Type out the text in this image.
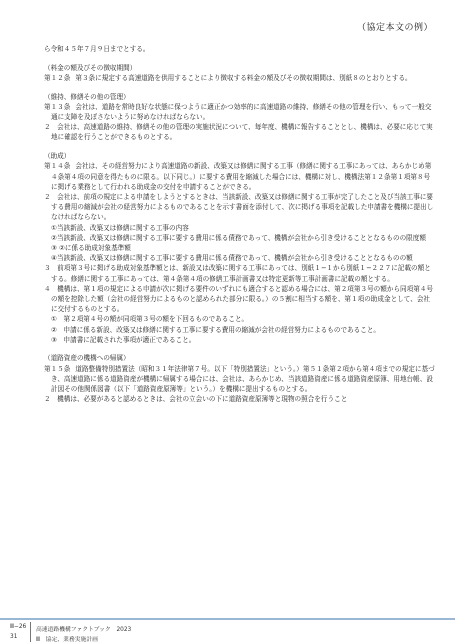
（協定本文の例）

ら令和４５年７月９日までとする。

（料金の額及びその徴収期間）

第１２条 第３条に規定する高速道路を供用することにより徴収する料金の額及びその徴収期間は、別紙８のとおりとする。

（維持、修繕その他の管理）

第１３条 会社は、道路を常時良好な状態に保つように適正かつ効率的に高速道路の維持、修繕その他の管理を行い、もって一般交通に支障を及ぼさないように努めなければならない。

２　会社は、高速道路の維持、修繕その他の管理の実施状況について、毎年度、機構に報告することとし、機構は、必要に応じて実地に確認を行うことができるものとする。

（助成）

第１４条 会社は、その経営努力により高速道路の新設、改築又は修繕に関する工事（修繕に関する工事にあっては、あらかじめ第４条第４項の同意を得たものに限る。以下同じ。）に要する費用を縮減した場合には、機構に対し、機構法第１２条第１項第８号に掲げる業務として行われる助成金の交付を申請することができる。

２　会社は、前項の規定による申請をしようとするときは、当該新設、改築又は修繕に関する工事が完了したこと及び当該工事に要する費用の縮減が会社の経営努力によるものであることを示す書面を添付して、次に掲げる事項を記載した申請書を機構に提出しなければならない。

①当該新設、改築又は修繕に関する工事の内容

②当該新設、改築又は修繕に関する工事に要する費用に係る債務であって、機構が会社から引き受けることとなるものの限度額

③ ②に係る助成対象基準額

④当該新設、改築又は修繕に関する工事に要する費用に係る債務であって、機構が会社から引き受けることとなるものの額

３　前項第３号に掲げる助成対象基準額とは、新設又は改築に関する工事にあっては、別紙１−１から別紙１−２２７に記載の額とする。修繕に関する工事にあっては、第４条第４項の修繕工事計画書又は特定更新等工事計画書に記載の額とする。

４　機構は、第１項の規定による申請が次に掲げる要件のいずれにも適合すると認める場合には、第２項第３号の額から同項第４号の額を控除した額（会社の経営努力によるものと認められた部分に限る。）の５割に相当する額を、第１項の助成金として、会社に交付するものとする。

①　第２項第４号の額が同項第３号の額を下回るものであること。

②　申請に係る新設、改築又は修繕に関する工事に要する費用の縮減が会社の経営努力によるものであること。

③　申請書に記載された事項が適正であること。

（道路資産の機構への帰属）

第１５条 道路整備特別措置法（昭和３１年法律第７号。以下「特別措置法」という。）第５１条第２項から第４項までの規定に基づき、高速道路に係る道路資産が機構に帰属する場合には、会社は、あらかじめ、当該道路資産に係る道路資産原簿、用地台帳、設計図その他関係図書（以下「道路資産原簿等」という。）を機構に提出するものとする。

２　機構は、必要があると認めるときは、会社の立会いの下に道路資産原簿等と現物の照合を行うこと

Ⅲ−26
31
高速道路機構ファクトブック　2023
Ⅲ　協定、業務実施計画
